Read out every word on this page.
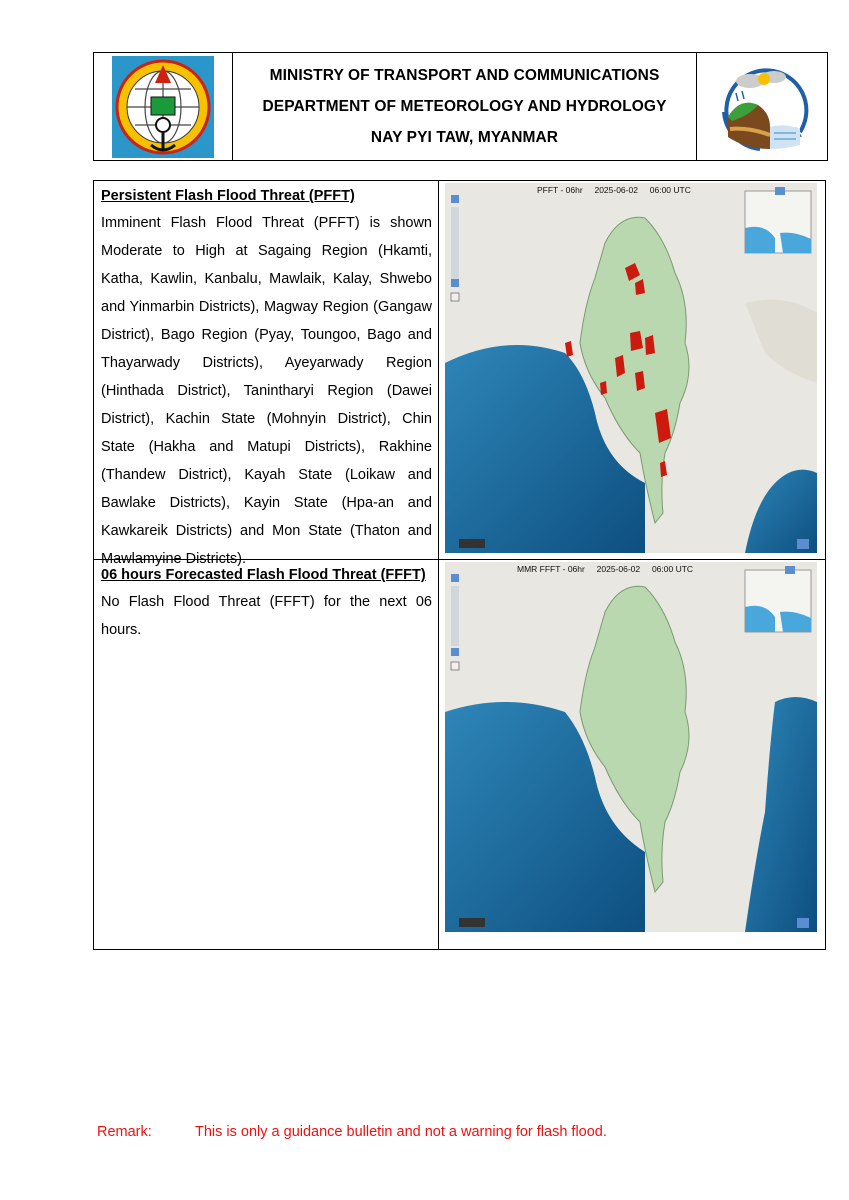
MINISTRY OF TRANSPORT AND COMMUNICATIONS
DEPARTMENT OF METEOROLOGY AND HYDROLOGY
NAY PYI TAW, MYANMAR
Persistent Flash Flood Threat (PFFT)
Imminent Flash Flood Threat (PFFT) is shown Moderate to High at Sagaing Region (Hkamti, Katha, Kawlin, Kanbalu, Mawlaik, Kalay, Shwebo and Yinmarbin Districts), Magway Region (Gangaw District), Bago Region (Pyay, Toungoo, Bago and Thayarwady Districts), Ayeyarwady Region (Hinthada District), Tanintharyi Region (Dawei District), Kachin State (Mohnyin District), Chin State (Hakha and Matupi Districts), Rakhine (Thandew District), Kayah State (Loikaw and Bawlake Districts), Kayin State (Hpa-an and Kawkareik Districts) and Mon State (Thaton and Mawlamyine Districts).
PFFT - 06hr     2025-06-02     06:00 UTC
06 hours Forecasted Flash Flood Threat (FFFT)
No Flash Flood Threat (FFFT) for the next 06 hours.
MMR FFFT - 06hr     2025-06-02     06:00 UTC
Remark:	This is only a guidance bulletin and not a warning for flash flood.
